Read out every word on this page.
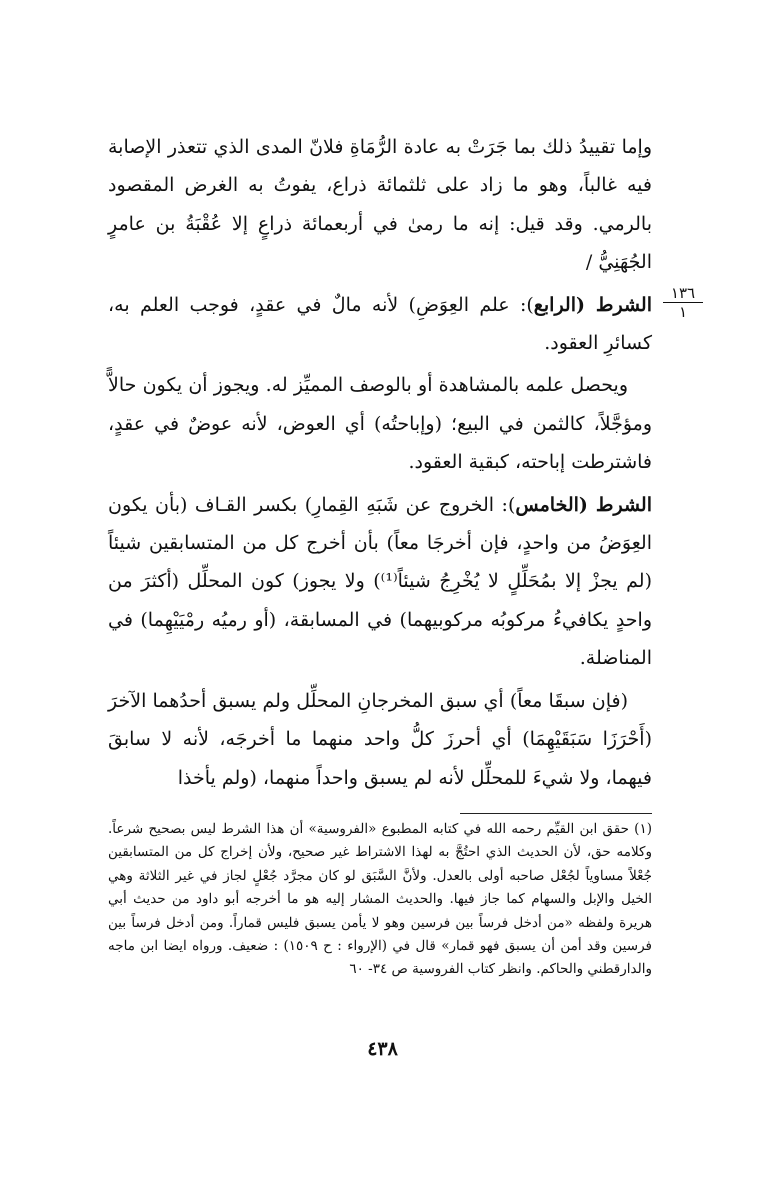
وإما تقييدُ ذلك بما جَرَتْ به عادة الرُّمَاةِ فلانّ المدى الذي تتعذر الإصابة فيه غالباً، وهو ما زاد على ثلثمائة ذراع، يفوتُ به الغرض المقصود بالرمي. وقد قيل: إنه ما رمىٰ في أربعمائة ذراعٍ إلا عُقْبَةُ بن عامرٍ الجُهَنِيُّ /

الشرط (الرابع): علم العِوَضِ) لأنه مالٌ في عقدٍ، فوجب العلم به، كسائرِ العقود.

ويحصل علمه بالمشاهدة أو بالوصف المميِّز له. ويجوز أن يكون حالاًّ ومؤجَّلاً، كالثمن في البيع؛ (وإباحتُه) أي العوض، لأنه عوضٌ في عقدٍ، فاشترطت إباحته، كبقية العقود.

الشرط (الخامس): الخروج عن شَبَهِ القِمارِ) بكسر القـاف (بأن يكون العِوَضُ من واحدٍ، فإن أخرجَا معاً) بأن أخرج كل من المتسابقين شيئاً (لم يجزْ إلا بمُحَلِّلٍ لا يُخْرِجُ شيئاً⁽¹⁾) ولا يجوز) كون المحلِّل (أكثرَ من واحدٍ يكافيءُ مركوبُه مركوبيهما) في المسابقة، (أو رميُه رمْيَيْهِما) في المناضلة.

(فإن سبقَا معاً) أي سبق المخرجانِ المحلِّل ولم يسبق أحدُهما الآخرَ (أَحْرَزَا سَبَقَيْهِمَا) أي أحرزَ كلُّ واحد منهما ما أخرجَه، لأنه لا سابقَ فيهما، ولا شيءَ للمحلِّل لأنه لم يسبق واحداً منهما، (ولم يأخذا

١٣٦
١

(١) حقق ابن القيِّم رحمه الله في كتابه المطبوع «الفروسية» أن هذا الشرط ليس بصحيح شرعاً. وكلامه حق، لأن الحديث الذي احتُجَّ به لهذا الاشتراط غير صحيح، ولأن إخراج كل من المتسابقين جُعْلاً مساوياً لجُعْل صاحبه أولى بالعدل. ولأنَّ السَّبَق لو كان مجرَّد جُعْلٍ لجاز في غير الثلاثة وهي الخيل والإبل والسهام كما جاز فيها. والحديث المشار إليه هو ما أخرجه أبو داود من حديث أبي هريرة ولفظه «من أدخل فرساً بين فرسين وهو لا يأمن يسبق فليس قماراً. ومن أدخل فرساً بين فرسين وقد أمن أن يسبق فهو قمار» قال في (الإرواء : ح ١٥٠٩) : ضعيف. ورواه ايضا ابن ماجه والدارقطني والحاكم. وانظر كتاب الفروسية ص ٣٤- ٦٠

٤٣٨
